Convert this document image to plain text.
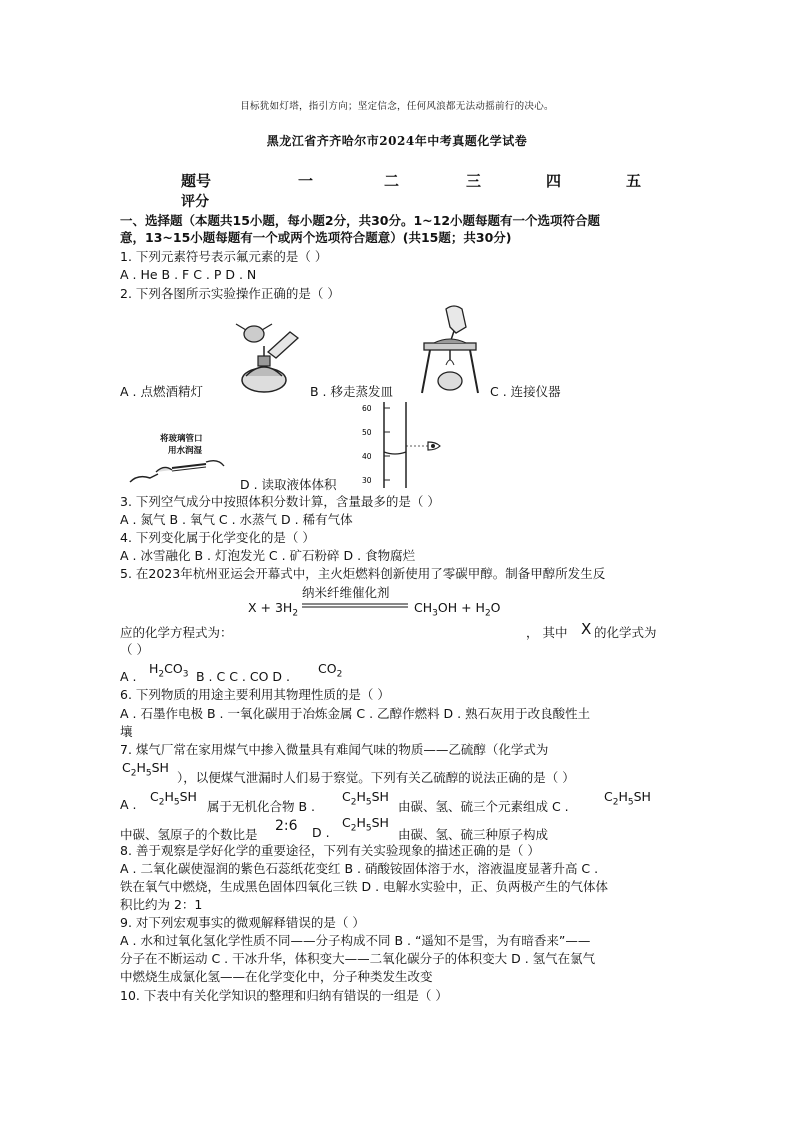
目标犹如灯塔，指引方向；坚定信念，任何风浪都无法动摇前行的决心。
黑龙江省齐齐哈尔市2024年中考真题化学试卷
题号	一	二	三	四	五
评分
一、选择题（本题共15小题，每小题2分，共30分。1~12小题每题有一个选项符合题
意，13~15小题每题有一个或两个选项符合题意）(共15题；共30分)
1. 下列元素符号表示氟元素的是（ ）
A . He B . F C . P D . N
2. 下列各图所示实验操作正确的是（ ）
A . 点燃酒精灯	B . 移走蒸发皿	C . 连接仪器
将玻璃管口
用水润湿
60
50
40
30
D . 读取液体体积
3. 下列空气成分中按照体积分数计算，含量最多的是（ ）
A . 氮气 B . 氧气 C . 水蒸气 D . 稀有气体
4. 下列变化属于化学变化的是（ ）
A . 冰雪融化 B . 灯泡发光 C . 矿石粉碎 D . 食物腐烂
5. 在2023年杭州亚运会开幕式中，主火炬燃料创新使用了零碳甲醇。制备甲醇所发生反
纳米纤维催化剂
$X + 3H_2$	$CH_3OH + H_2O$
应的化学方程式为：	， 其中 X 的化学式为
（ ）
A .
$H_2CO_3$ B . C C . CO D .
$CO_2$
6. 下列物质的用途主要利用其物理性质的是（ ）
A . 石墨作电极 B . 一氧化碳用于冶炼金属 C . 乙醇作燃料 D . 熟石灰用于改良酸性土
壤
7. 煤气厂常在家用煤气中掺入微量具有难闻气味的物质——乙硫醇（化学式为
$C_2H_5SH$
），以便煤气泄漏时人们易于察觉。下列有关乙硫醇的说法正确的是（ ）
A .
$C_2H_5SH$
属于无机化合物 B .
$C_2H_5SH$
由碳、氢、硫三个元素组成 C .
$C_2H_5SH$
中碳、氢原子的个数比是
2:6 D .
$C_2H_5SH$
由碳、氢、硫三种原子构成
8. 善于观察是学好化学的重要途径，下列有关实验现象的描述正确的是（ ）
A . 二氧化碳使湿润的紫色石蕊纸花变红 B . 硝酸铵固体溶于水，溶液温度显著升高 C .
铁在氧气中燃烧，生成黑色固体四氧化三铁 D . 电解水实验中，正、负两极产生的气体体
积比约为 2：1
9. 对下列宏观事实的微观解释错误的是（ ）
A . 水和过氧化氢化学性质不同——分子构成不同 B . “遥知不是雪，为有暗香来”——
分子在不断运动 C . 干冰升华，体积变大——二氧化碳分子的体积变大 D . 氢气在氯气
中燃烧生成氯化氢——在化学变化中，分子种类发生改变
10. 下表中有关化学知识的整理和归纳有错误的一组是（ ）
